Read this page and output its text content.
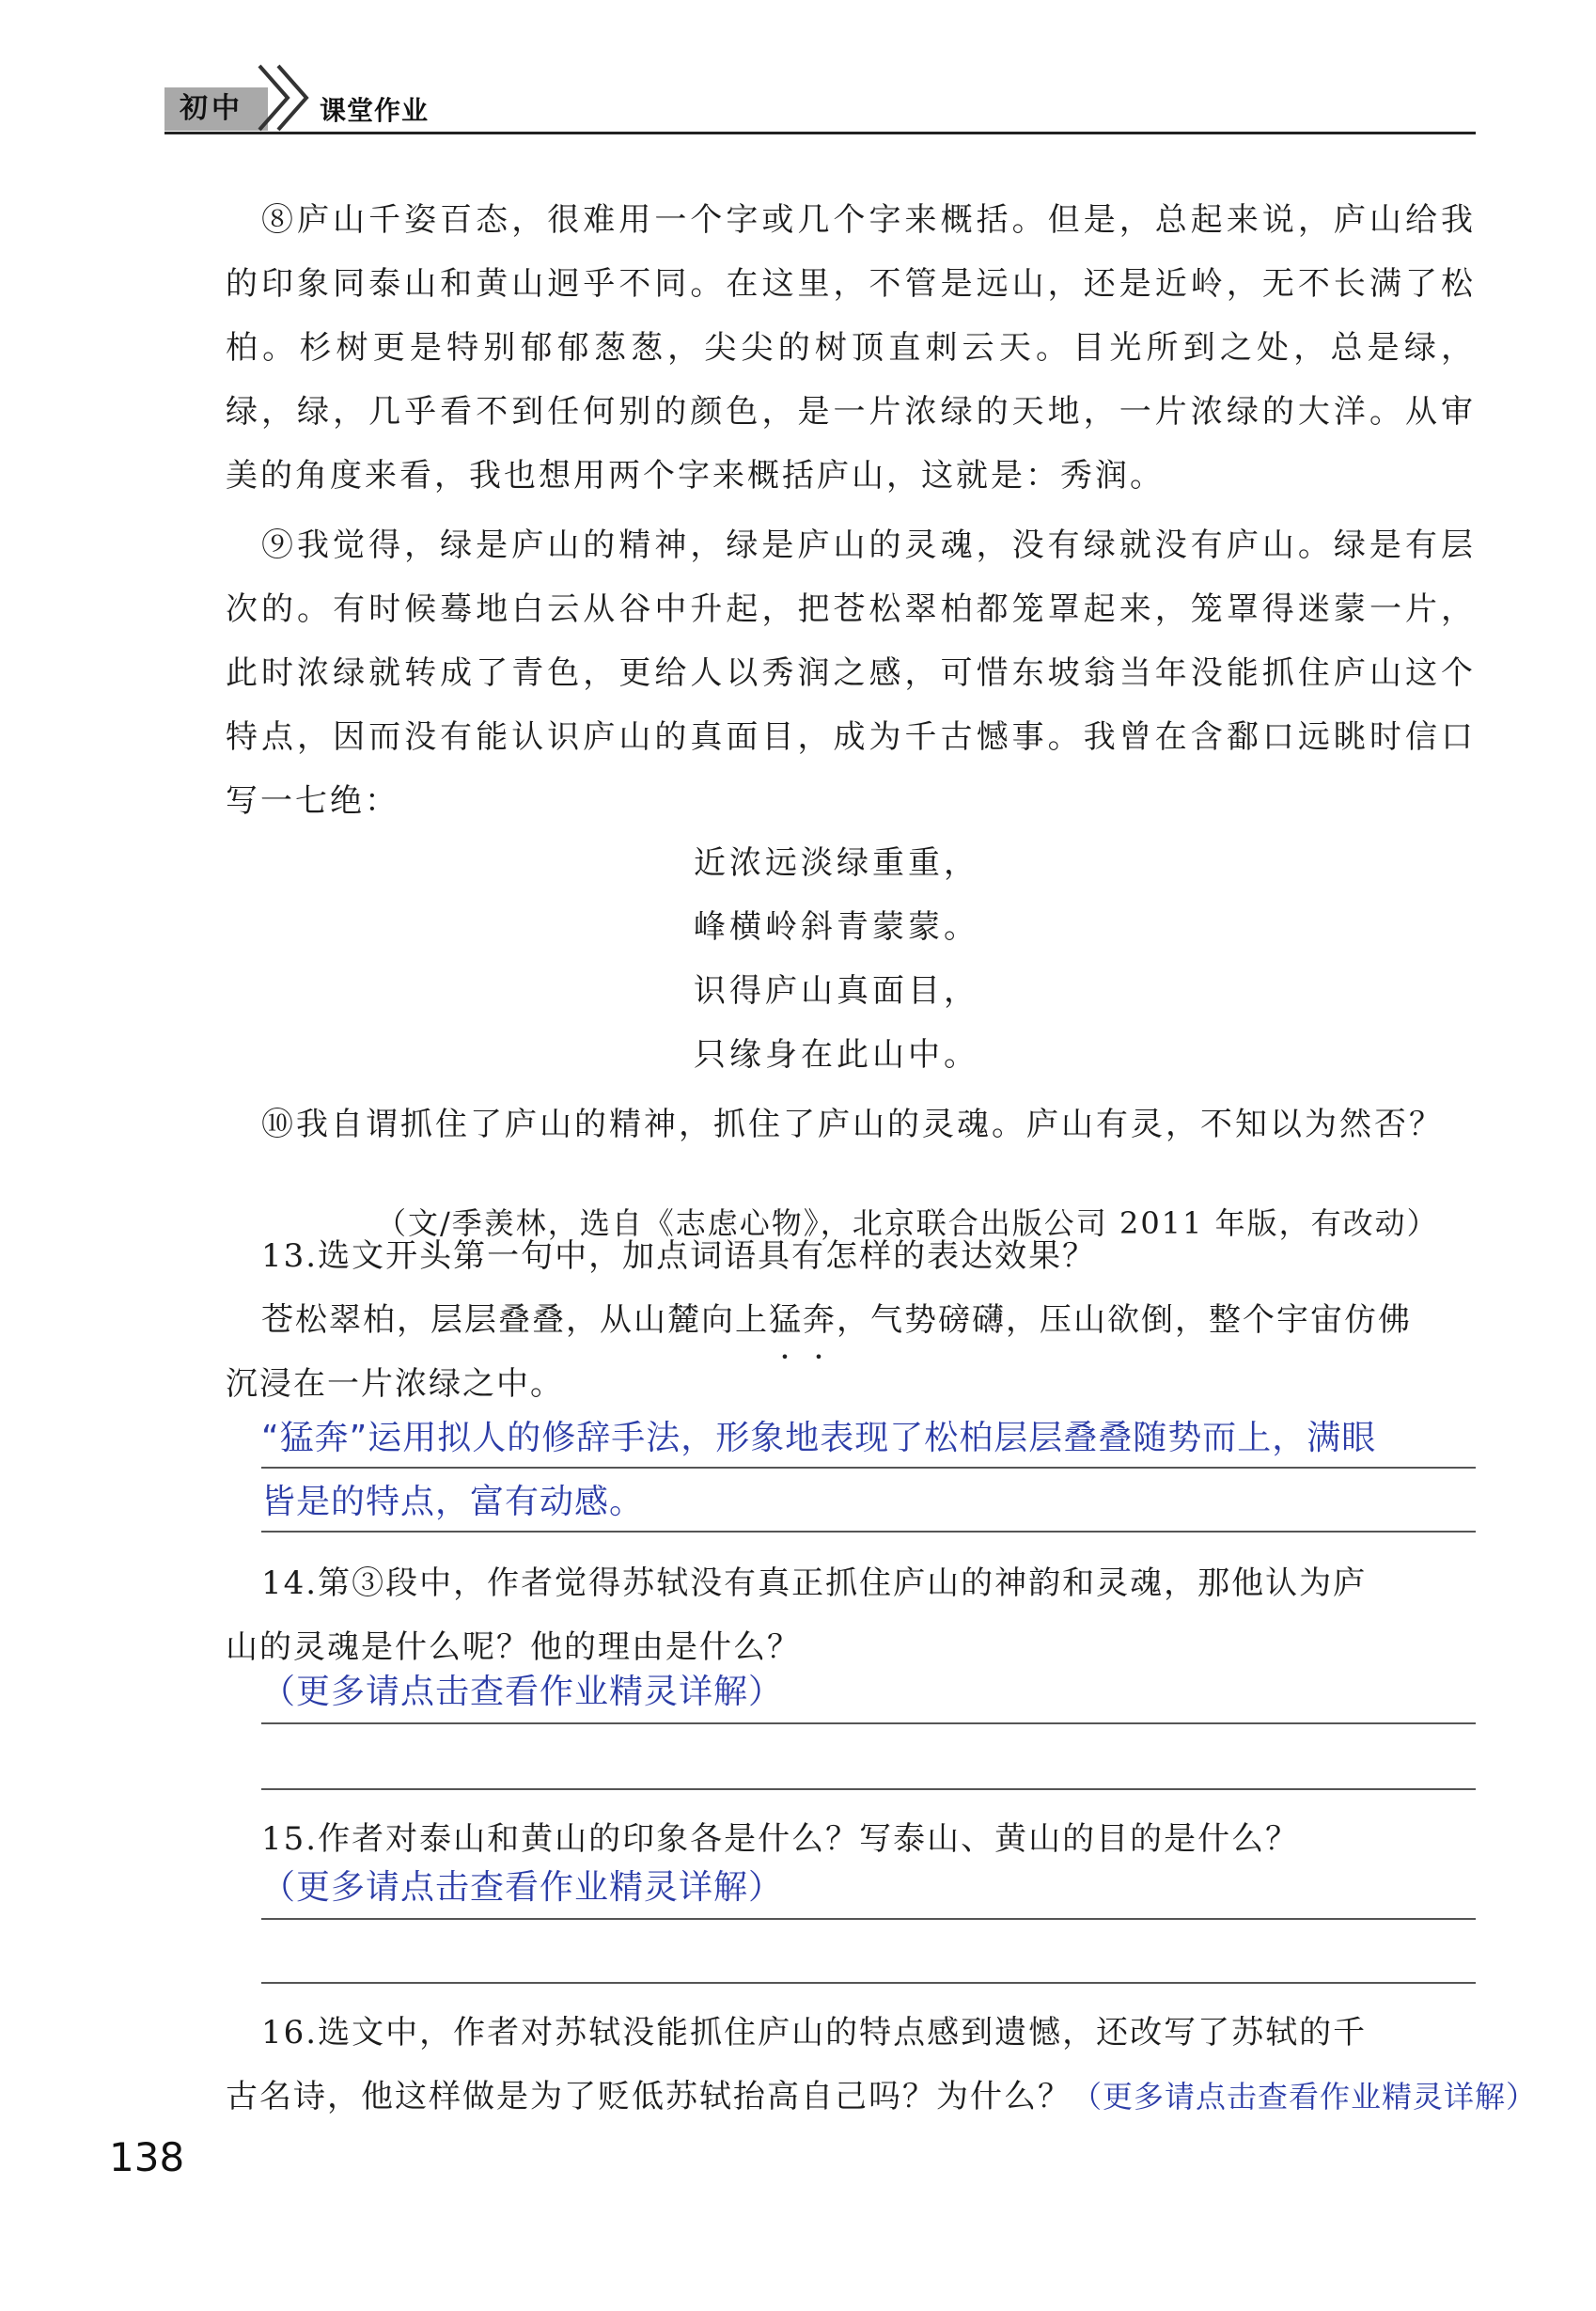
初中	课堂作业
⑧庐山千姿百态，很难用一个字或几个字来概括。但是，总起来说，庐山给我的印象同泰山和黄山迥乎不同。在这里，不管是远山，还是近岭，无不长满了松柏。杉树更是特别郁郁葱葱，尖尖的树顶直刺云天。目光所到之处，总是绿，绿，绿，几乎看不到任何别的颜色，是一片浓绿的天地，一片浓绿的大洋。从审美的角度来看，我也想用两个字来概括庐山，这就是：秀润。
⑨我觉得，绿是庐山的精神，绿是庐山的灵魂，没有绿就没有庐山。绿是有层次的。有时候蓦地白云从谷中升起，把苍松翠柏都笼罩起来，笼罩得迷蒙一片，此时浓绿就转成了青色，更给人以秀润之感，可惜东坡翁当年没能抓住庐山这个特点，因而没有能认识庐山的真面目，成为千古憾事。我曾在含鄱口远眺时信口写一七绝：
近浓远淡绿重重，
峰横岭斜青蒙蒙。
识得庐山真面目，
只缘身在此山中。
⑩我自谓抓住了庐山的精神，抓住了庐山的灵魂。庐山有灵，不知以为然否？
（文/季羡林，选自《志虑心物》，北京联合出版公司 2011 年版，有改动）
13.选文开头第一句中，加点词语具有怎样的表达效果？
苍松翠柏，层层叠叠，从山麓向上猛奔，气势磅礴，压山欲倒，整个宇宙仿佛
沉浸在一片浓绿之中。
“猛奔”运用拟人的修辞手法，形象地表现了松柏层层叠叠随势而上，满眼
皆是的特点，富有动感。
14.第③段中，作者觉得苏轼没有真正抓住庐山的神韵和灵魂，那他认为庐
山的灵魂是什么呢？他的理由是什么？
（更多请点击查看作业精灵详解）
15.作者对泰山和黄山的印象各是什么？写泰山、黄山的目的是什么？
（更多请点击查看作业精灵详解）
16.选文中，作者对苏轼没能抓住庐山的特点感到遗憾，还改写了苏轼的千
古名诗，他这样做是为了贬低苏轼抬高自己吗？为什么？（更多请点击查看作业精灵详解）
138
